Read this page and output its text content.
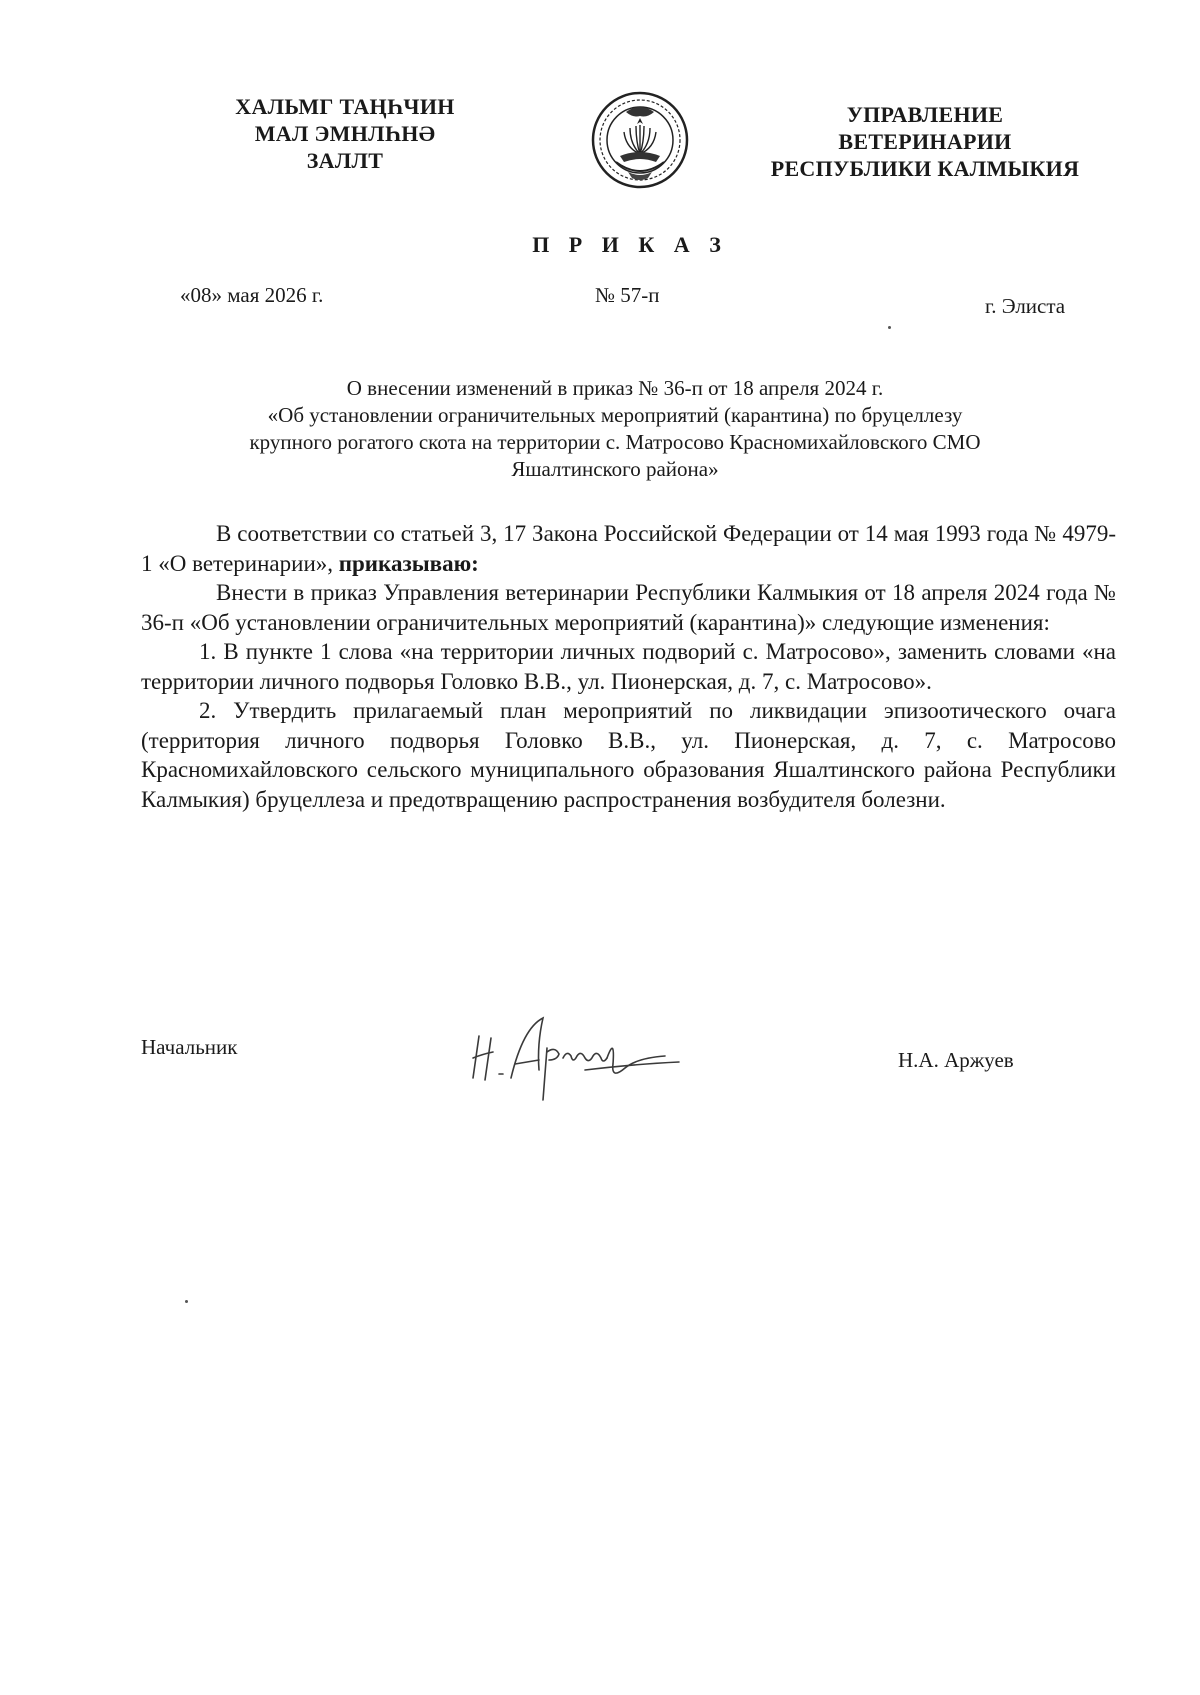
ХАЛЬМГ ТАҢҺЧИН
МАЛ ЭМНЛҺНӘ
ЗАЛЛТ
УПРАВЛЕНИЕ
ВЕТЕРИНАРИИ
РЕСПУБЛИКИ КАЛМЫКИЯ
П Р И К А З
«08» мая 2026 г.	№ 57-п	г. Элиста
О внесении изменений в приказ № 36-п от 18 апреля 2024 г.
«Об установлении ограничительных мероприятий (карантина) по бруцеллезу
крупного рогатого скота на территории с. Матросово Красномихайловского СМО
Яшалтинского района»

В соответствии со статьей 3, 17 Закона Российской Федерации от 14 мая 1993 года № 4979-1 «О ветеринарии», приказываю:

Внести в приказ Управления ветеринарии Республики Калмыкия от 18 апреля 2024 года № 36-п «Об установлении ограничительных мероприятий (карантина)» следующие изменения:

1. В пункте 1 слова «на территории личных подворий с. Матросово», заменить словами «на территории личного подворья Головко В.В., ул. Пионерская, д. 7, с. Матросово».

2. Утвердить прилагаемый план мероприятий по ликвидации эпизоотического очага (территория личного подворья Головко В.В., ул. Пионерская, д. 7, с. Матросово Красномихайловского сельского муниципального образования Яшалтинского района Республики Калмыкия) бруцеллеза и предотвращению распространения возбудителя болезни.

Начальник
Н.А. Аржуев
